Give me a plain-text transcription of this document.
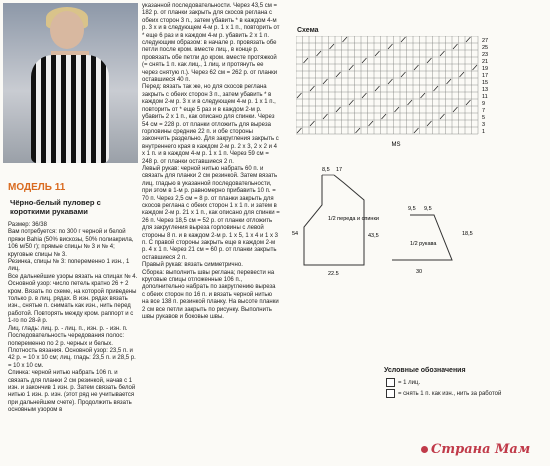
МОДЕЛЬ 11
Чёрно-белый пуловер с короткими рукавами

Размер: 36/38

Вам потребуется: по 300 г черной и белой пряжи Bahia (50% вискозы, 50% полиакрила, 106 м/50 г); прямые спицы № 3 и № 4; круговые спицы № 3.

Резинка, спицы № 3: попеременно 1 изн., 1 лиц.

Все дальнейшие узоры вязать на спицах № 4.

Основной узор: число петель кратно 26 + 2 кром. Вязать по схеме, на которой приведены только р. в лиц. рядах. В изн. рядах вязать изн., снятые п. снимать как изн., нить перед работой. Повторять между кром. раппорт и с 1-го по 28-й р.

Лиц. гладь: лиц. р. - лиц. п., изн. р. - изн. п.

Последовательность чередования полос: попеременно по 2 р. черных и белых.

Плотность вязания. Основной узор: 23,5 п. и 42 р. = 10 х 10 см; лиц. гладь: 23,5 п. и 28,5 р. = 10 х 10 см.

Спинка: черной нитью набрать 106 п. и связать для планки 2 см резинкой, начав с 1 изн. и закончив 1 изн. р. Затем связать белой нитью 1 изн. р. изн. (этот ряд не учитывается при дальнейшем счете). Продолжить вязать основным узором в

указанной последовательности. Через 43,5 см = 182 р. от планки закрыть для скосов реглана с обеих сторон 3 п., затем убавить * в каждом 4-м р. 3 х и в следующем 4-м р. 1 х 1 п., повторить от * еще 6 раз и в каждом 4-м р. убавить 2 х 1 п. следующим образом: в начале р. провязать обе петли после кром. вместе лиц., в конце р. провязать обе петли до кром. вместе протяжкой (= снять 1 п. как лиц., 1 лиц. и протянуть ее через снятую п.). Через 62 см = 262 р. от планки оставшиеся 40 п.

Перед: вязать так же, но для скосов реглана закрыть с обеих сторон 3 п., затем убавить * в каждом 2-м р. 3 х и в следующем 4-м р. 1 х 1 п., повторить от * еще 5 раз и в каждом 2-м р. убавить 2 х 1 п., как описано для спинки. Через 54 см = 228 р. от планки отложить для выреза горловины средние 22 п. и обе стороны закончить раздельно. Для закругления закрыть с внутреннего края в каждом 2-м р. 2 х 3, 2 х 2 и 4 х 1 п. и в каждом 4-м р. 1 х 1 п. Через 59 см = 248 р. от планки оставшиеся 2 п.

Левый рукав: черной нитью набрать 60 п. и связать для планки 2 см резинкой. Затем вязать лиц. гладью в указанной последовательности, при этом в 1-м р. равномерно прибавить 10 п. = 70 п. Через 2,5 см = 8 р. от планки закрыть для скосов реглана с обеих сторон 1 х 1 п. и затем в каждом 2-м р. 21 х 1 п., как описано для спинки = 26 п. Через 18,5 см = 52 р. от планки отложить для закругления выреза горловины с левой стороны 8 п. и в каждом 2-м р. 1 х 5, 1 х 4 и 1 х 3 п. С правой стороны закрыть еще в каждом 2-м р. 4 х 1 п. Через 21 см = 60 р. от планки закрыть оставшиеся 2 п.

Правый рукав: вязать симметрично.

Сборка: выполнить швы реглана; перевести на круговые спицы отложенные 106 п., дополнительно набрать по закруглению выреза с обеих сторон по 16 п. и вязать черной нитью на все 138 п. резинкой планку. На высоте планки 2 см все петли закрыть по рисунку. Выполнить швы рукавов и боковые швы.

Схема
27
25
23
21
19
17
15
13
11
9
7
5
3
1
MS
1/2 переда и спинки
8,5 17
54	43,5
22,5
1/2 рукава
9,5 9,5
30
18,5
Условные обозначения
= 1 лиц.
= снять 1 п. как изн., нить за работой
Страна Мам
